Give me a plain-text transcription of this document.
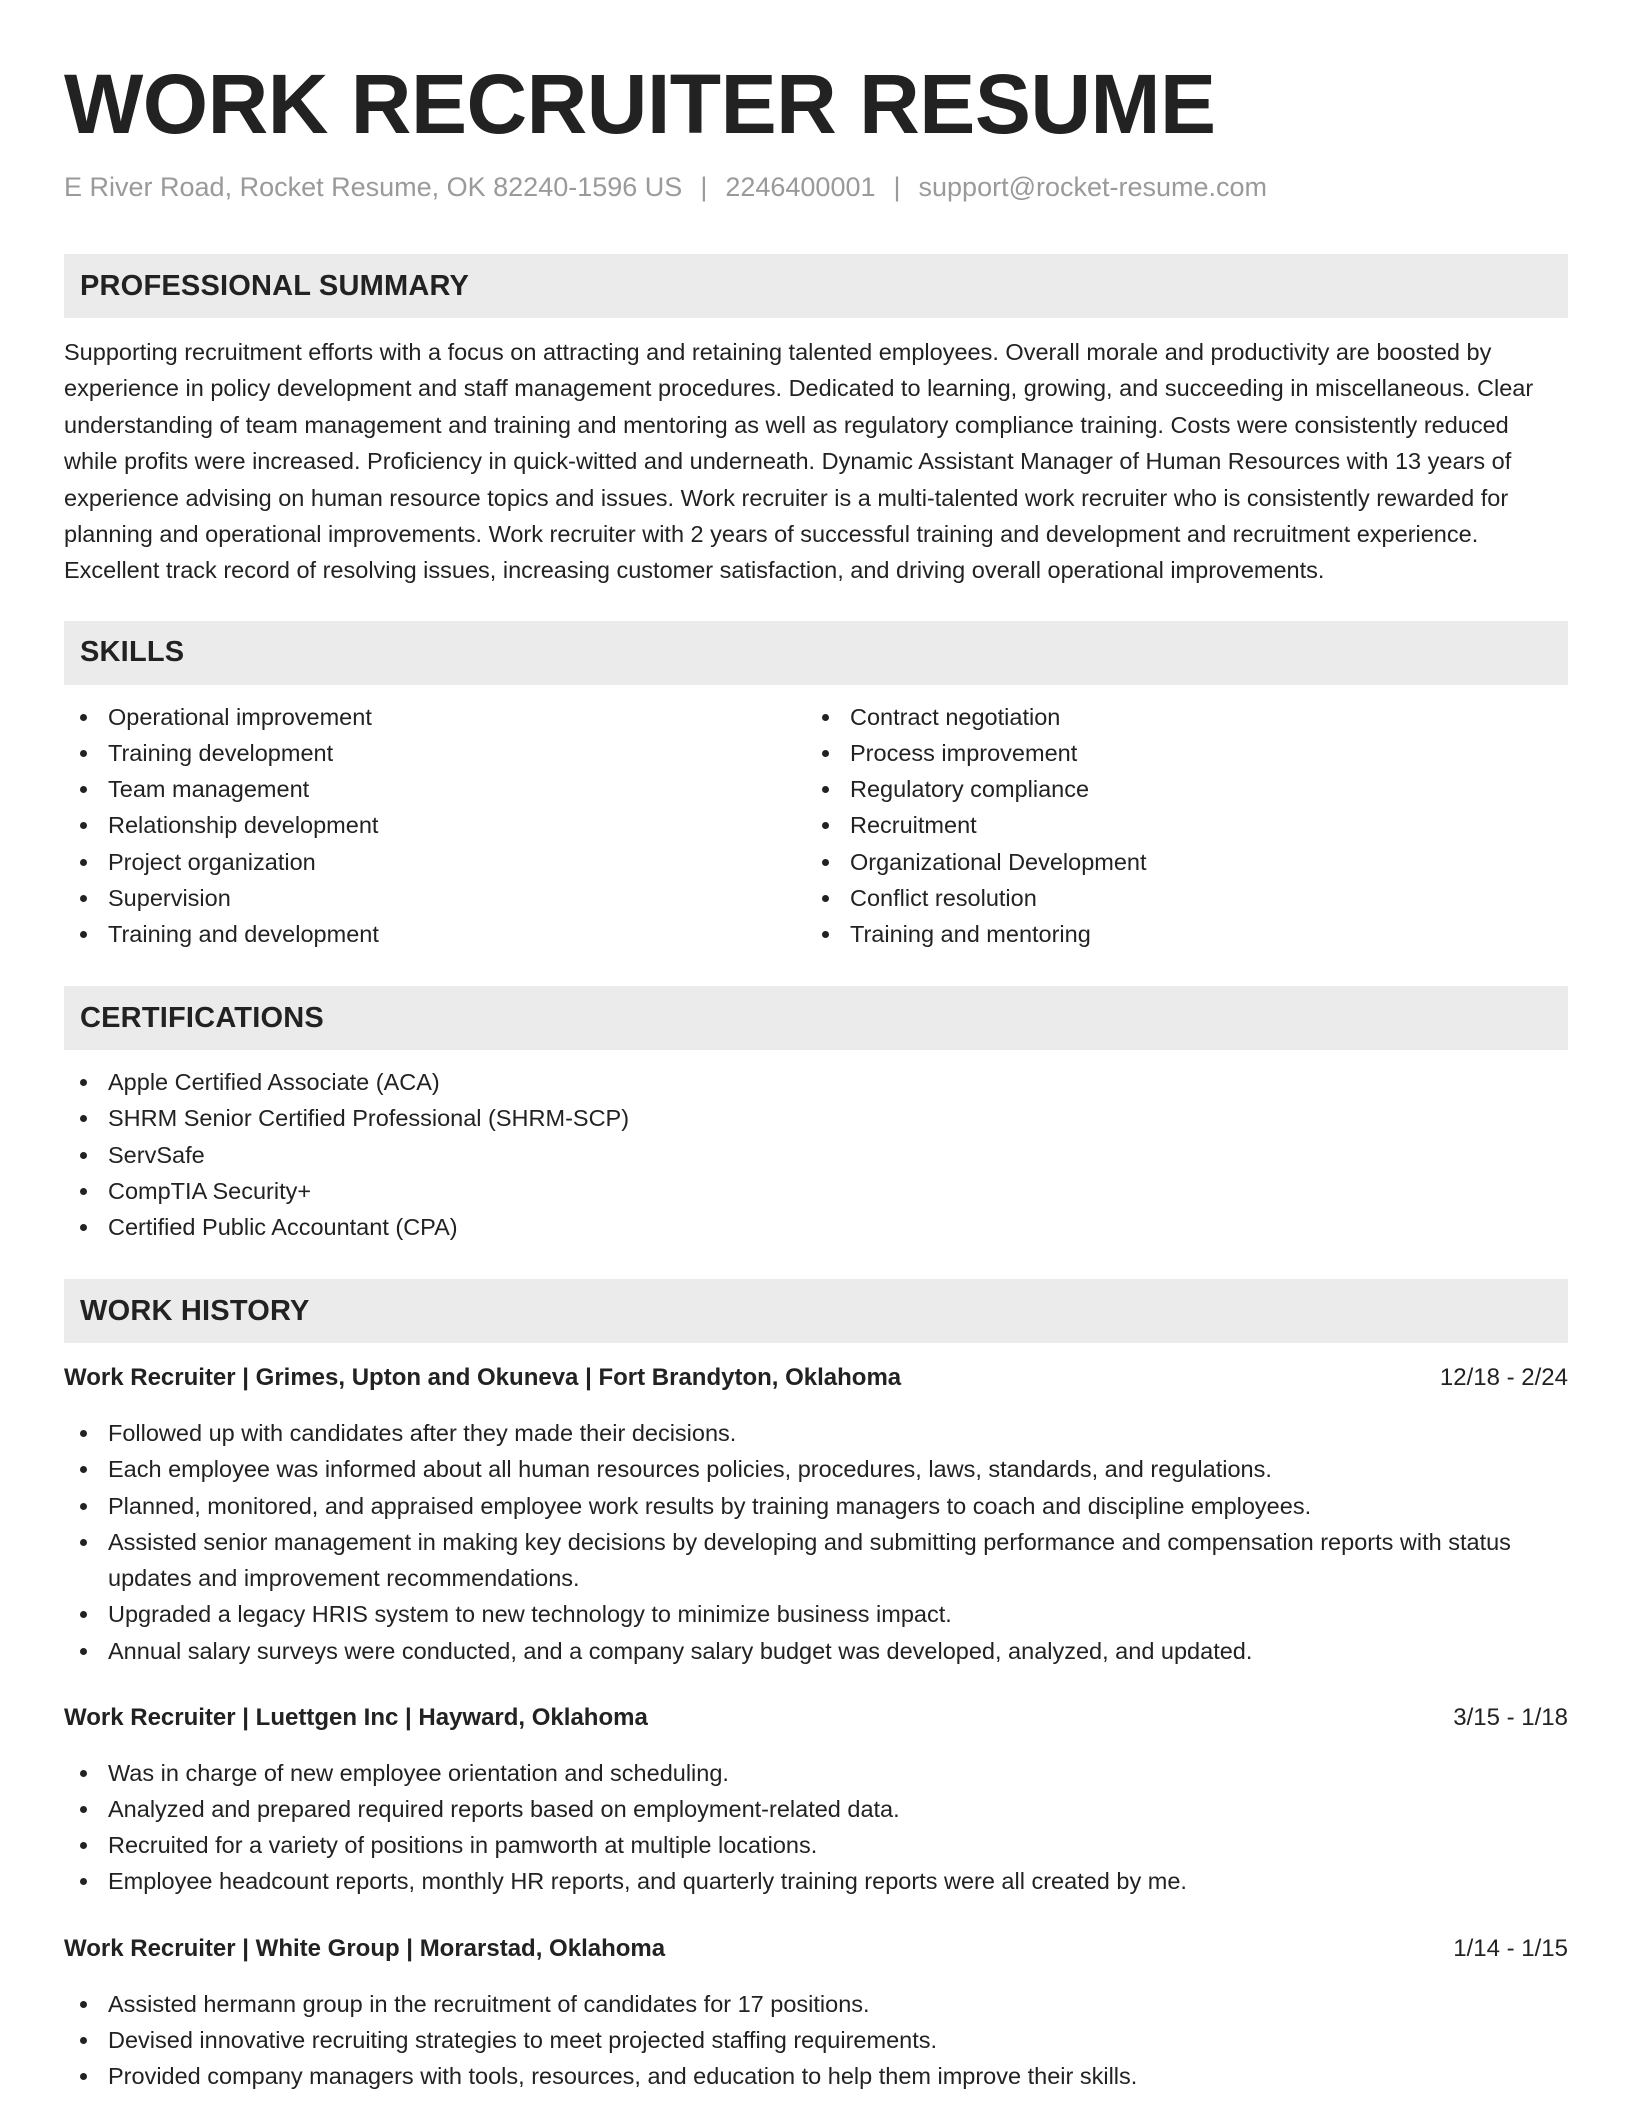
WORK RECRUITER RESUME
E River Road, Rocket Resume, OK 82240-1596 US | 2246400001 | support@rocket-resume.com
PROFESSIONAL SUMMARY

Supporting recruitment efforts with a focus on attracting and retaining talented employees. Overall morale and productivity are boosted by experience in policy development and staff management procedures. Dedicated to learning, growing, and succeeding in miscellaneous. Clear understanding of team management and training and mentoring as well as regulatory compliance training. Costs were consistently reduced while profits were increased. Proficiency in quick-witted and underneath. Dynamic Assistant Manager of Human Resources with 13 years of experience advising on human resource topics and issues. Work recruiter is a multi-talented work recruiter who is consistently rewarded for planning and operational improvements. Work recruiter with 2 years of successful training and development and recruitment experience. Excellent track record of resolving issues, increasing customer satisfaction, and driving overall operational improvements.

SKILLS
Operational improvement
Training development
Team management
Relationship development
Project organization
Supervision
Training and development
Contract negotiation
Process improvement
Regulatory compliance
Recruitment
Organizational Development
Conflict resolution
Training and mentoring
CERTIFICATIONS
Apple Certified Associate (ACA)
SHRM Senior Certified Professional (SHRM-SCP)
ServSafe
CompTIA Security+
Certified Public Accountant (CPA)
WORK HISTORY
Work Recruiter | Grimes, Upton and Okuneva | Fort Brandyton, Oklahoma	12/18 - 2/24
Followed up with candidates after they made their decisions.
Each employee was informed about all human resources policies, procedures, laws, standards, and regulations.
Planned, monitored, and appraised employee work results by training managers to coach and discipline employees.
Assisted senior management in making key decisions by developing and submitting performance and compensation reports with status updates and improvement recommendations.
Upgraded a legacy HRIS system to new technology to minimize business impact.
Annual salary surveys were conducted, and a company salary budget was developed, analyzed, and updated.
Work Recruiter | Luettgen Inc | Hayward, Oklahoma	3/15 - 1/18
Was in charge of new employee orientation and scheduling.
Analyzed and prepared required reports based on employment-related data.
Recruited for a variety of positions in pamworth at multiple locations.
Employee headcount reports, monthly HR reports, and quarterly training reports were all created by me.
Work Recruiter | White Group | Morarstad, Oklahoma	1/14 - 1/15
Assisted hermann group in the recruitment of candidates for 17 positions.
Devised innovative recruiting strategies to meet projected staffing requirements.
Provided company managers with tools, resources, and education to help them improve their skills.
